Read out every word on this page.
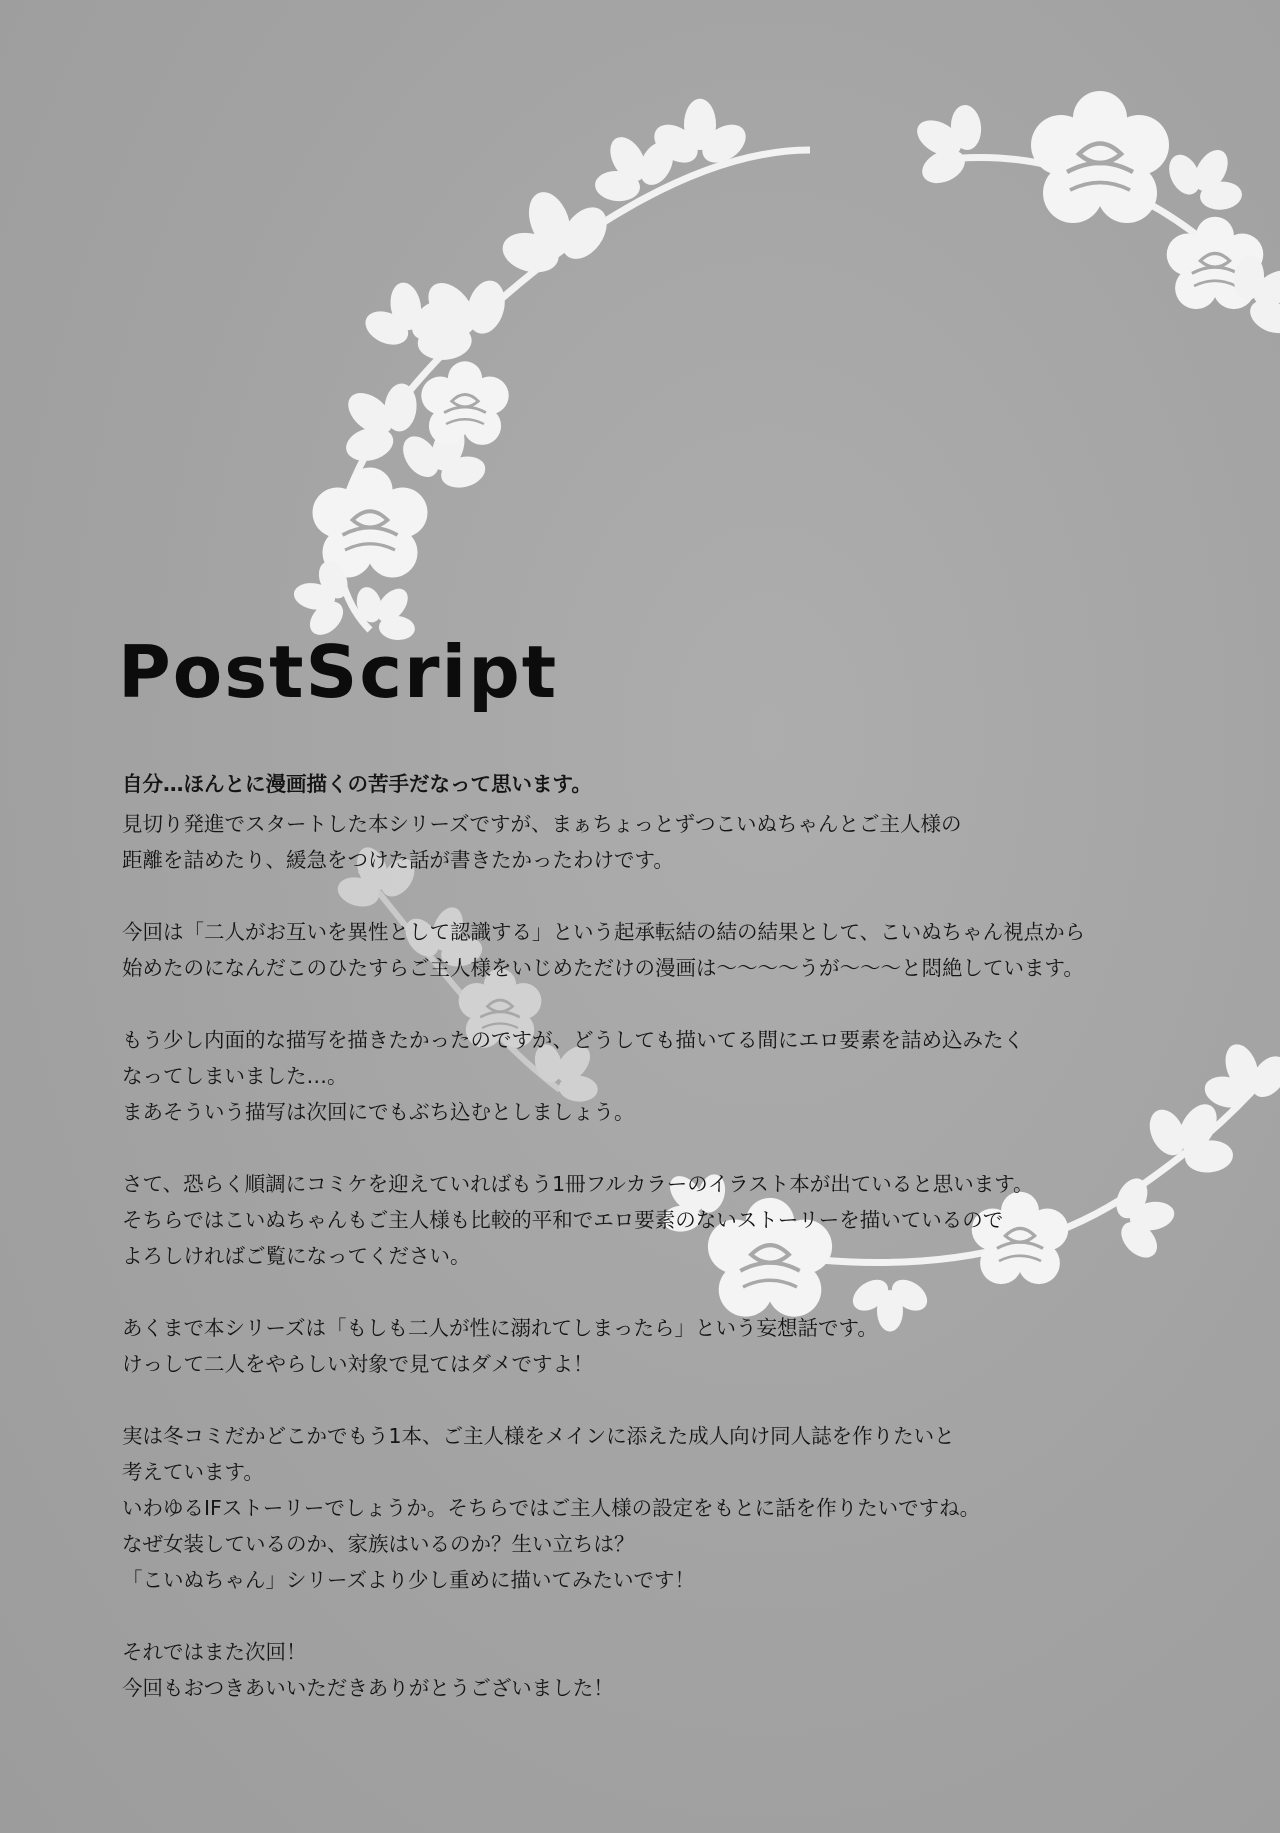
PostScript

自分…ほんとに漫画描くの苦手だなって思います。

見切り発進でスタートした本シリーズですが、まぁちょっとずつこいぬちゃんとご主人様の
距離を詰めたり、緩急をつけた話が書きたかったわけです。

今回は「二人がお互いを異性として認識する」という起承転結の結の結果として、こいぬちゃん視点から
始めたのになんだこのひたすらご主人様をいじめただけの漫画は〜〜〜〜うが〜〜〜と悶絶しています。

もう少し内面的な描写を描きたかったのですが、どうしても描いてる間にエロ要素を詰め込みたく
なってしまいました…。
まあそういう描写は次回にでもぶち込むとしましょう。

さて、恐らく順調にコミケを迎えていればもう1冊フルカラーのイラスト本が出ていると思います。
そちらではこいぬちゃんもご主人様も比較的平和でエロ要素のないストーリーを描いているので
よろしければご覧になってください。

あくまで本シリーズは「もしも二人が性に溺れてしまったら」という妄想話です。
けっして二人をやらしい対象で見てはダメですよ！

実は冬コミだかどこかでもう1本、ご主人様をメインに添えた成人向け同人誌を作りたいと
考えています。
いわゆるIFストーリーでしょうか。そちらではご主人様の設定をもとに話を作りたいですね。
なぜ女装しているのか、家族はいるのか？生い立ちは？
「こいぬちゃん」シリーズより少し重めに描いてみたいです！

それではまた次回！
今回もおつきあいいただきありがとうございました！
